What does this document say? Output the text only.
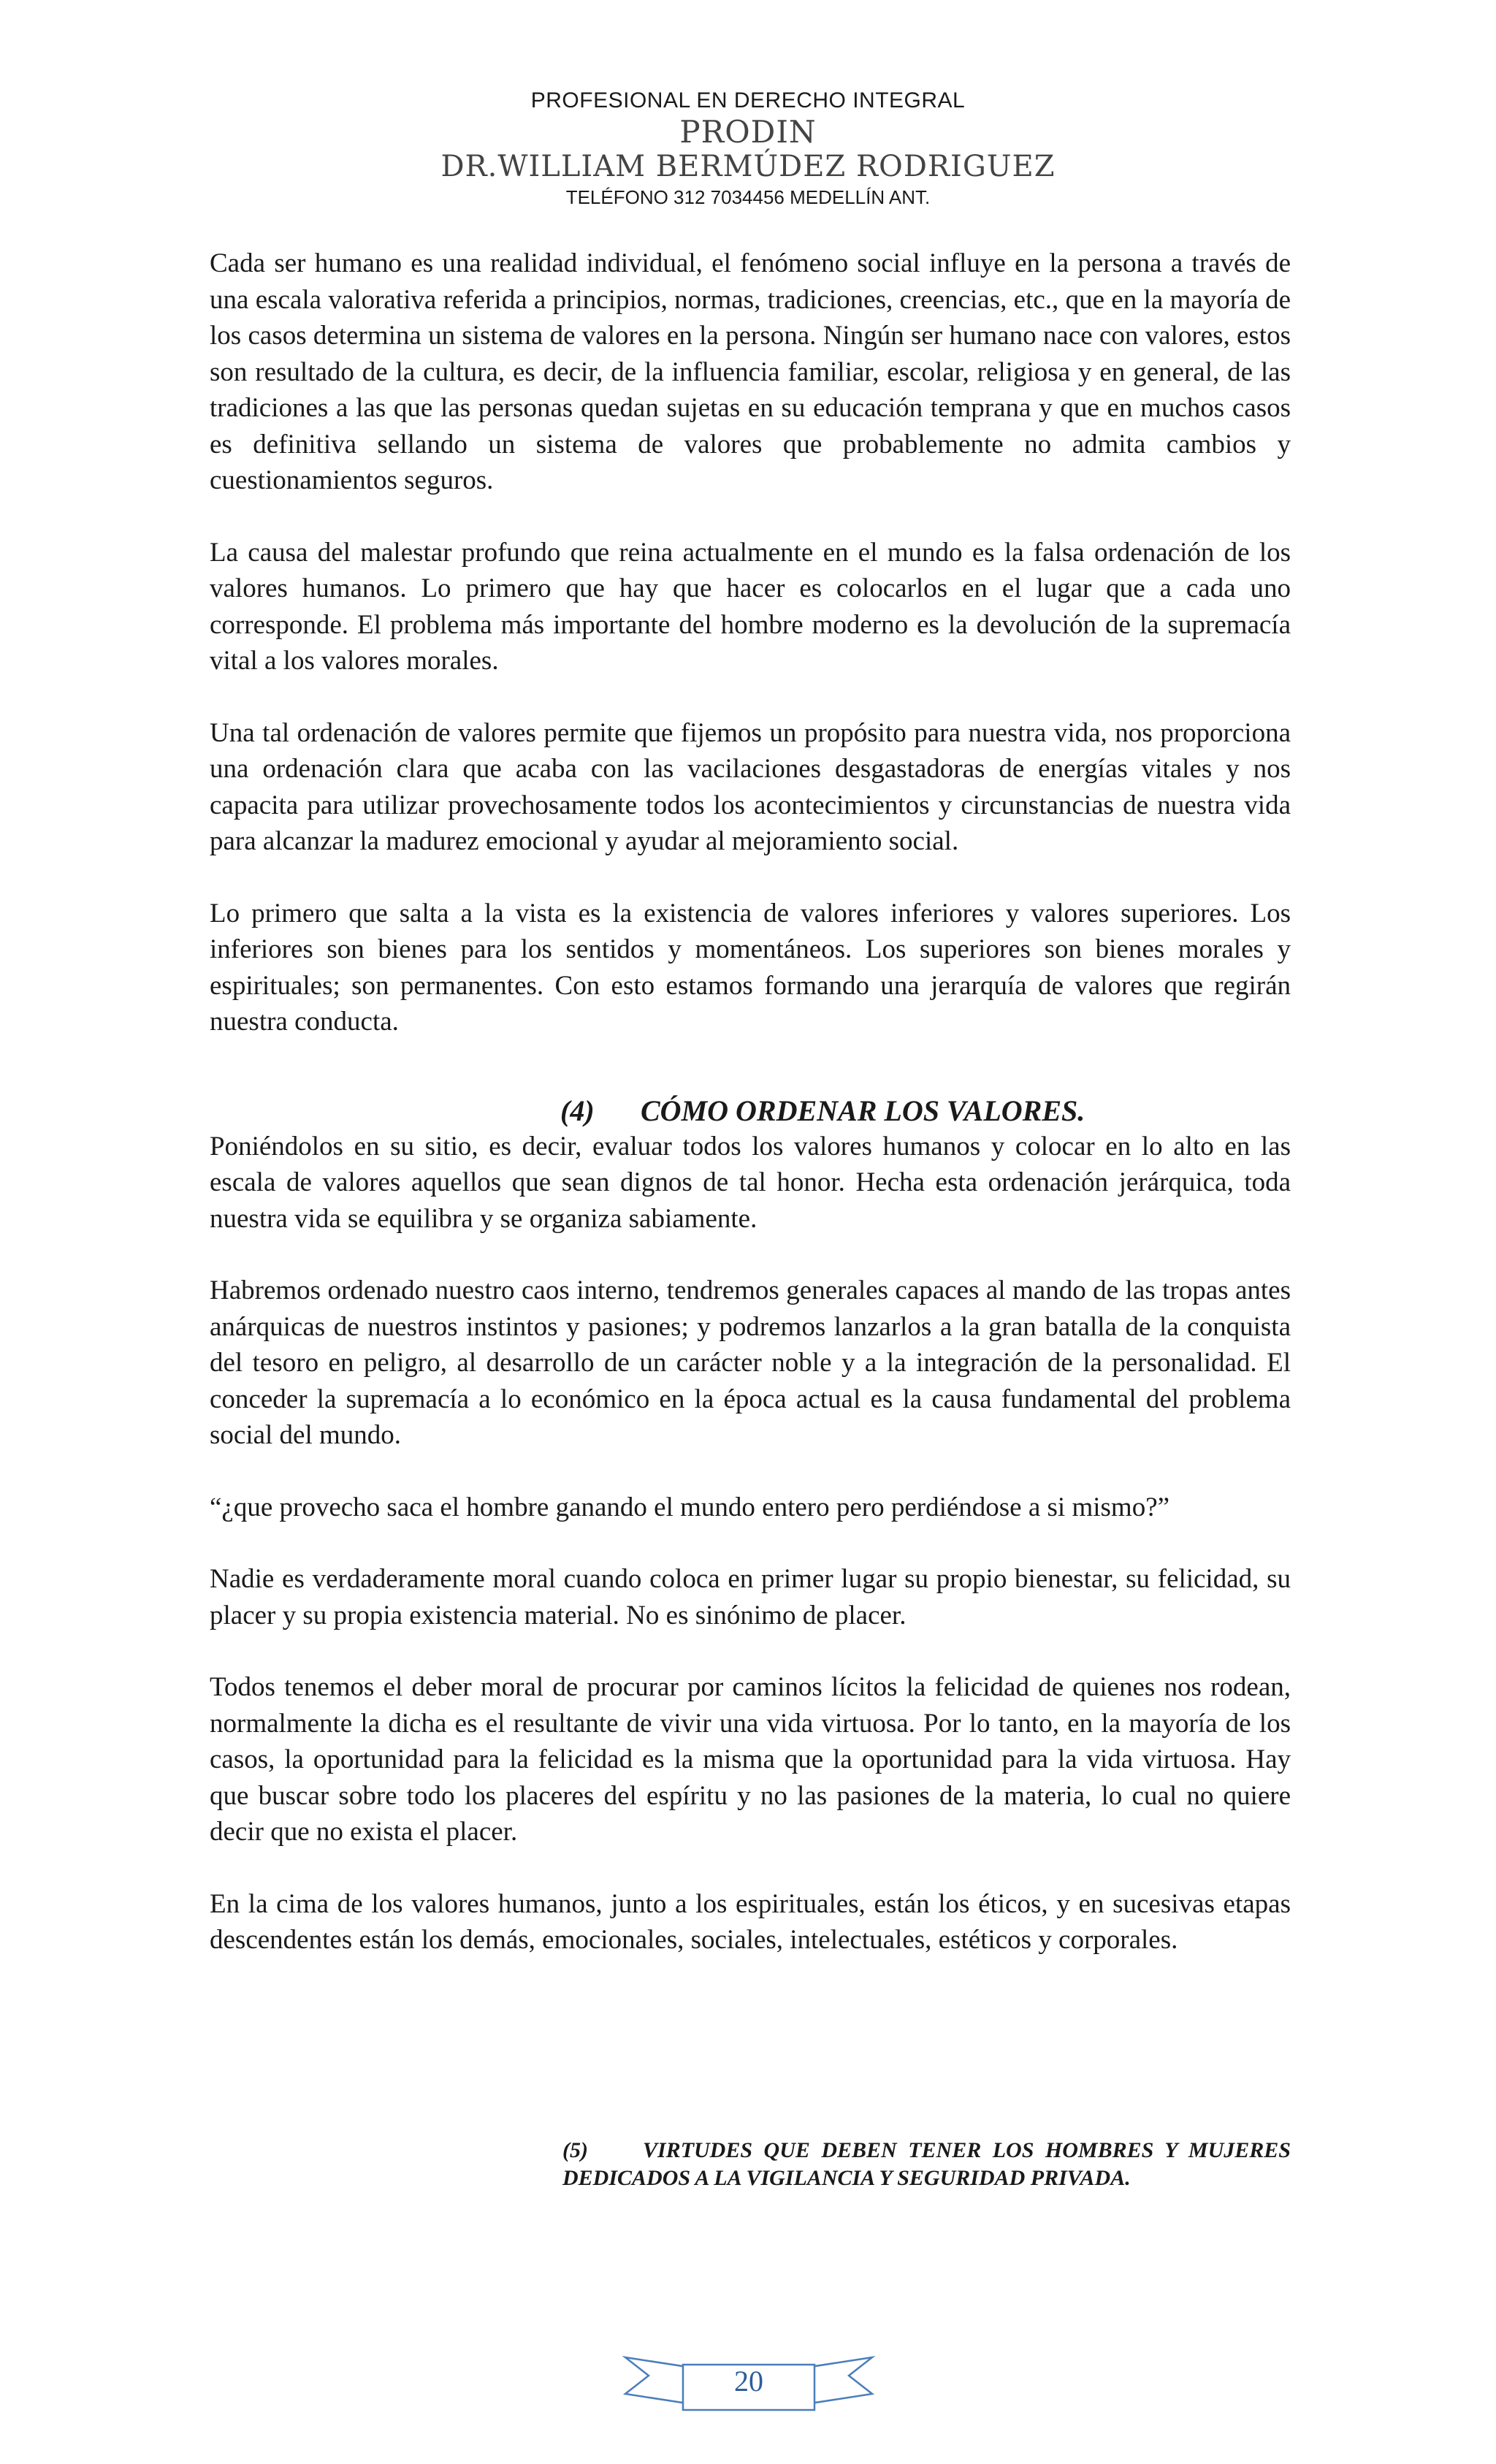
PROFESIONAL EN DERECHO INTEGRAL
PRODIN
DR.WILLIAM BERMÚDEZ RODRIGUEZ
TELÉFONO 312 7034456 MEDELLÍN ANT.

Cada ser humano es una realidad individual, el fenómeno social influye en la persona a través de una escala valorativa referida a principios, normas, tradiciones, creencias, etc., que en la mayoría de los casos determina un sistema de valores en la persona. Ningún ser humano nace con valores, estos son resultado de la cultura, es decir, de la influencia familiar, escolar, religiosa y en general, de las tradiciones a las que las personas quedan sujetas en su educación temprana y que en muchos casos es definitiva sellando un sistema de valores que probablemente no admita cambios y cuestionamientos seguros.

La causa del malestar profundo que reina actualmente en el mundo es la falsa ordenación de los valores humanos. Lo primero que hay que hacer es colocarlos en el lugar que a cada uno corresponde. El problema más importante del hombre moderno es la devolución de la supremacía vital a los valores morales.

Una tal ordenación de valores permite que fijemos un propósito para nuestra vida, nos proporciona una ordenación clara que acaba con las vacilaciones desgastadoras de energías vitales y nos capacita para utilizar provechosamente todos los acontecimientos y circunstancias de nuestra vida para alcanzar la madurez emocional y ayudar al mejoramiento social.

Lo primero que salta a la vista es la existencia de valores inferiores y valores superiores. Los inferiores son bienes para los sentidos y momentáneos. Los superiores son bienes morales y espirituales; son permanentes. Con esto estamos formando una jerarquía de valores que regirán nuestra conducta.

(4) CÓMO ORDENAR LOS VALORES.

Poniéndolos en su sitio, es decir, evaluar todos los valores humanos y colocar en lo alto en las escala de valores aquellos que sean dignos de tal honor. Hecha esta ordenación jerárquica, toda nuestra vida se equilibra y se organiza sabiamente.

Habremos ordenado nuestro caos interno, tendremos generales capaces al mando de las tropas antes anárquicas de nuestros instintos y pasiones; y podremos lanzarlos a la gran batalla de la conquista del tesoro en peligro, al desarrollo de un carácter noble y a la integración de la personalidad. El conceder la supremacía a lo económico en la época actual es la causa fundamental del problema social del mundo.

“¿que provecho saca el hombre ganando el mundo entero pero perdiéndose a si mismo?”

Nadie es verdaderamente moral cuando coloca en primer lugar su propio bienestar, su felicidad, su placer y su propia existencia material. No es sinónimo de placer.

Todos tenemos el deber moral de procurar por caminos lícitos la felicidad de quienes nos rodean, normalmente la dicha es el resultante de vivir una vida virtuosa. Por lo tanto, en la mayoría de los casos, la oportunidad para la felicidad es la misma que la oportunidad para la vida virtuosa. Hay que buscar sobre todo los placeres del espíritu y no las pasiones de la materia, lo cual no quiere decir que no exista el placer.

En la cima de los valores humanos, junto a los espirituales, están los éticos, y en sucesivas etapas descendentes están los demás, emocionales, sociales, intelectuales, estéticos y corporales.

(5)	VIRTUDES QUE DEBEN TENER LOS HOMBRES Y MUJERES DEDICADOS A LA VIGILANCIA Y SEGURIDAD PRIVADA.
20
